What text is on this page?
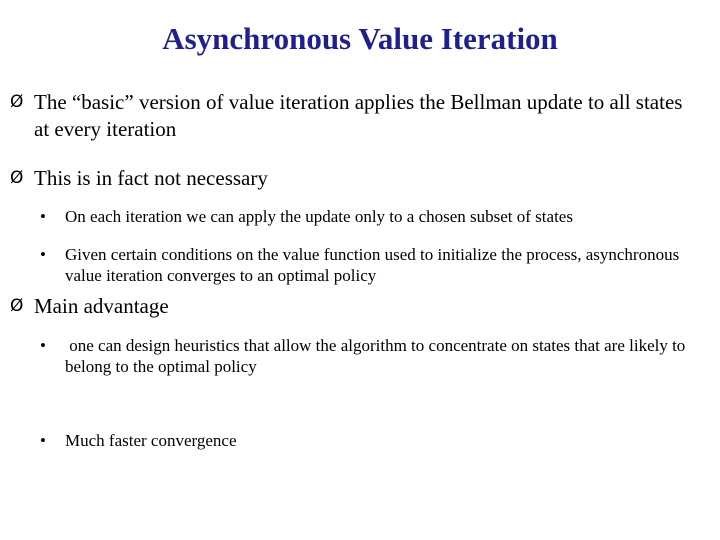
Asynchronous Value Iteration
Ø The “basic” version of value iteration applies the Bellman update to all states at every iteration
Ø This is in fact not necessary
•	On each iteration we can apply the update only to a chosen subset of states
•	Given certain conditions on the value function used to initialize the process, asynchronous value iteration converges to an optimal policy
Ø Main advantage
•	one can design heuristics that allow the algorithm to concentrate on states that are likely to belong to the optimal policy
•	Much faster convergence
